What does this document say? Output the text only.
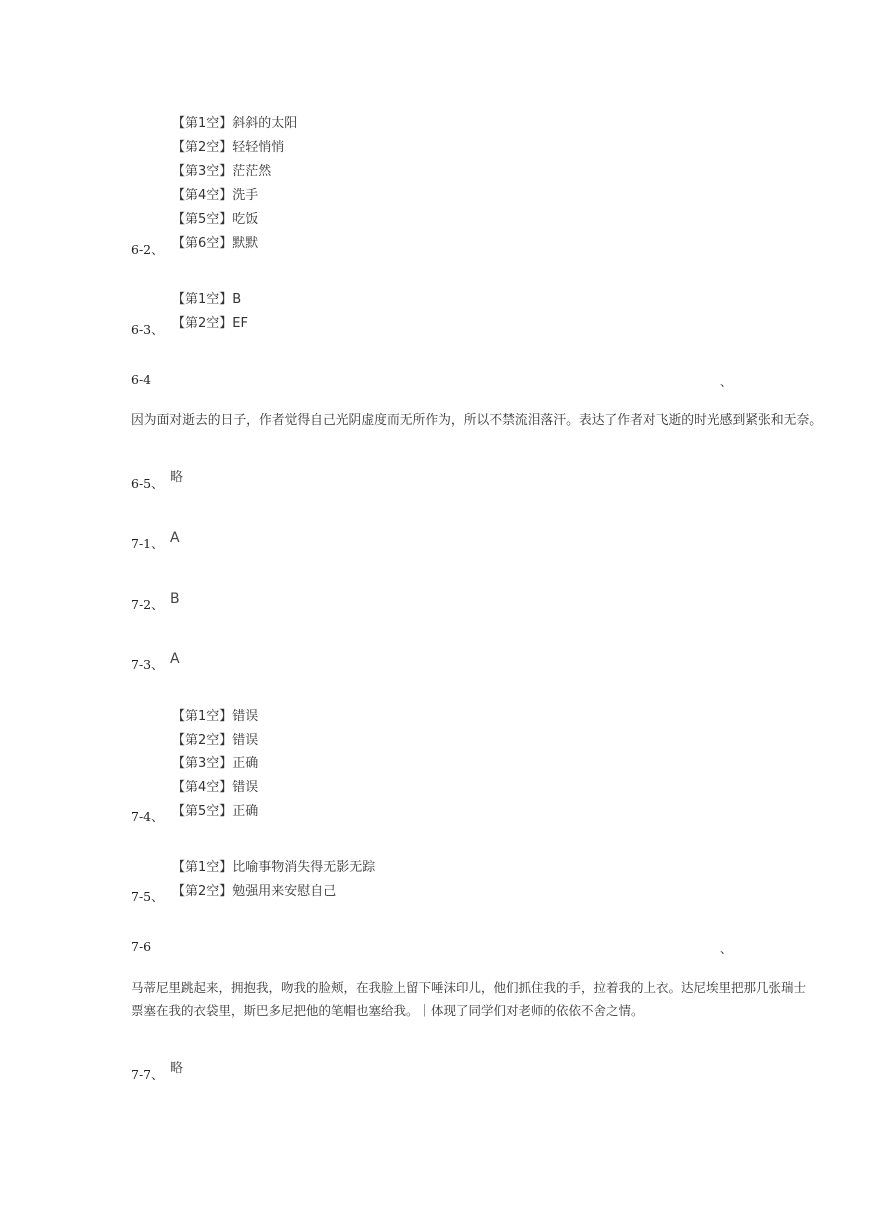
【第1空】斜斜的太阳
【第2空】轻轻悄悄
【第3空】茫茫然
【第4空】洗手
【第5空】吃饭
【第6空】默默
6-2、
【第1空】B
【第2空】EF
6-3、
6-4	、
因为面对逝去的日子，作者觉得自己光阴虚度而无所作为，所以不禁流泪落汗。表达了作者对飞逝的时光感到紧张和无奈。
6-5、 略
7-1、 A
7-2、 B
7-3、 A
【第1空】错误
【第2空】错误
【第3空】正确
【第4空】错误
【第5空】正确
7-4、
【第1空】比喻事物消失得无影无踪
【第2空】勉强用来安慰自己
7-5、
7-6	、
马蒂尼里跳起来，拥抱我，吻我的脸颊，在我脸上留下唾沫印儿，他们抓住我的手，拉着我的上衣。达尼埃里把那几张瑞士
票塞在我的衣袋里，斯巴多尼把他的笔帽也塞给我。｜体现了同学们对老师的依依不舍之情。
7-7、 略
